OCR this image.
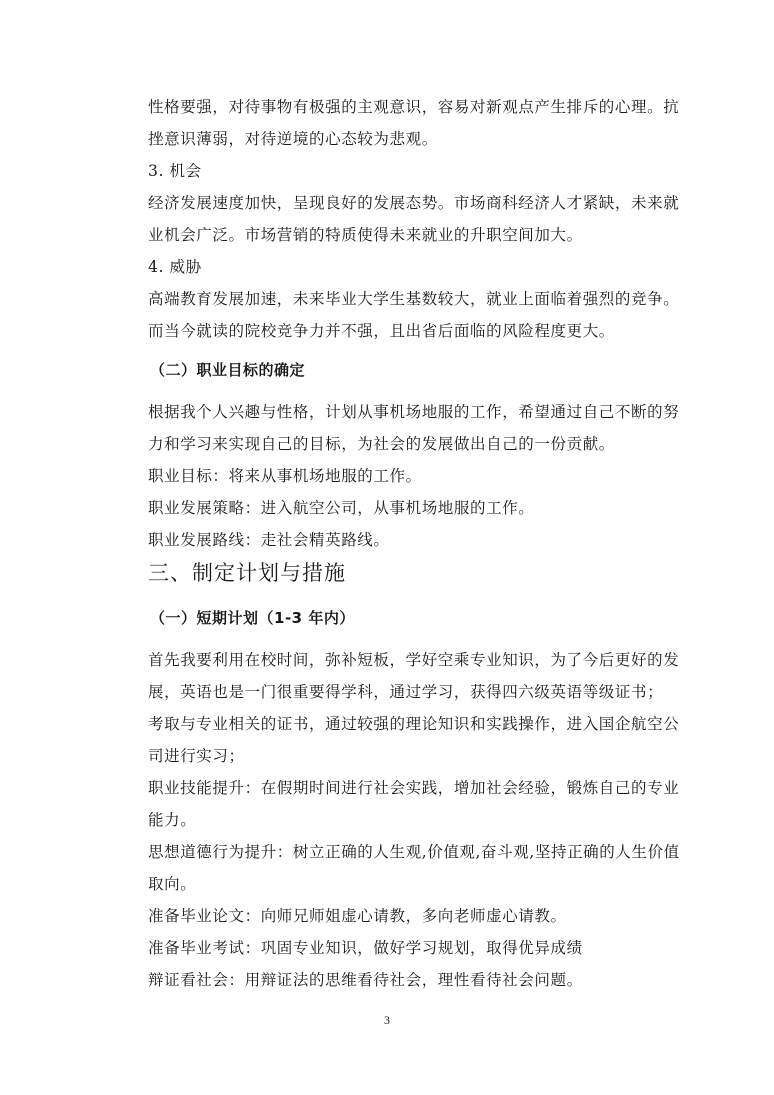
性格要强，对待事物有极强的主观意识，容易对新观点产生排斥的心理。抗
挫意识薄弱，对待逆境的心态较为悲观。
3. 机会
经济发展速度加快，呈现良好的发展态势。市场商科经济人才紧缺，未来就
业机会广泛。市场营销的特质使得未来就业的升职空间加大。
4. 威胁
高端教育发展加速，未来毕业大学生基数较大，就业上面临着强烈的竞争。
而当今就读的院校竞争力并不强，且出省后面临的风险程度更大。
（二）职业目标的确定
根据我个人兴趣与性格，计划从事机场地服的工作，希望通过自己不断的努
力和学习来实现自己的目标，为社会的发展做出自己的一份贡献。
职业目标：将来从事机场地服的工作。
职业发展策略：进入航空公司，从事机场地服的工作。
职业发展路线：走社会精英路线。
三、制定计划与措施
（一）短期计划（1-3 年内）
首先我要利用在校时间，弥补短板，学好空乘专业知识，为了今后更好的发
展，英语也是一门很重要得学科，通过学习，获得四六级英语等级证书；
考取与专业相关的证书，通过较强的理论知识和实践操作，进入国企航空公
司进行实习；
职业技能提升：在假期时间进行社会实践，增加社会经验，锻炼自己的专业
能力。
思想道德行为提升：树立正确的人生观,价值观,奋斗观,坚持正确的人生价值
取向。
准备毕业论文：向师兄师姐虚心请教，多向老师虚心请教。
准备毕业考试：巩固专业知识，做好学习规划，取得优异成绩
辩证看社会：用辩证法的思维看待社会，理性看待社会问题。
3
